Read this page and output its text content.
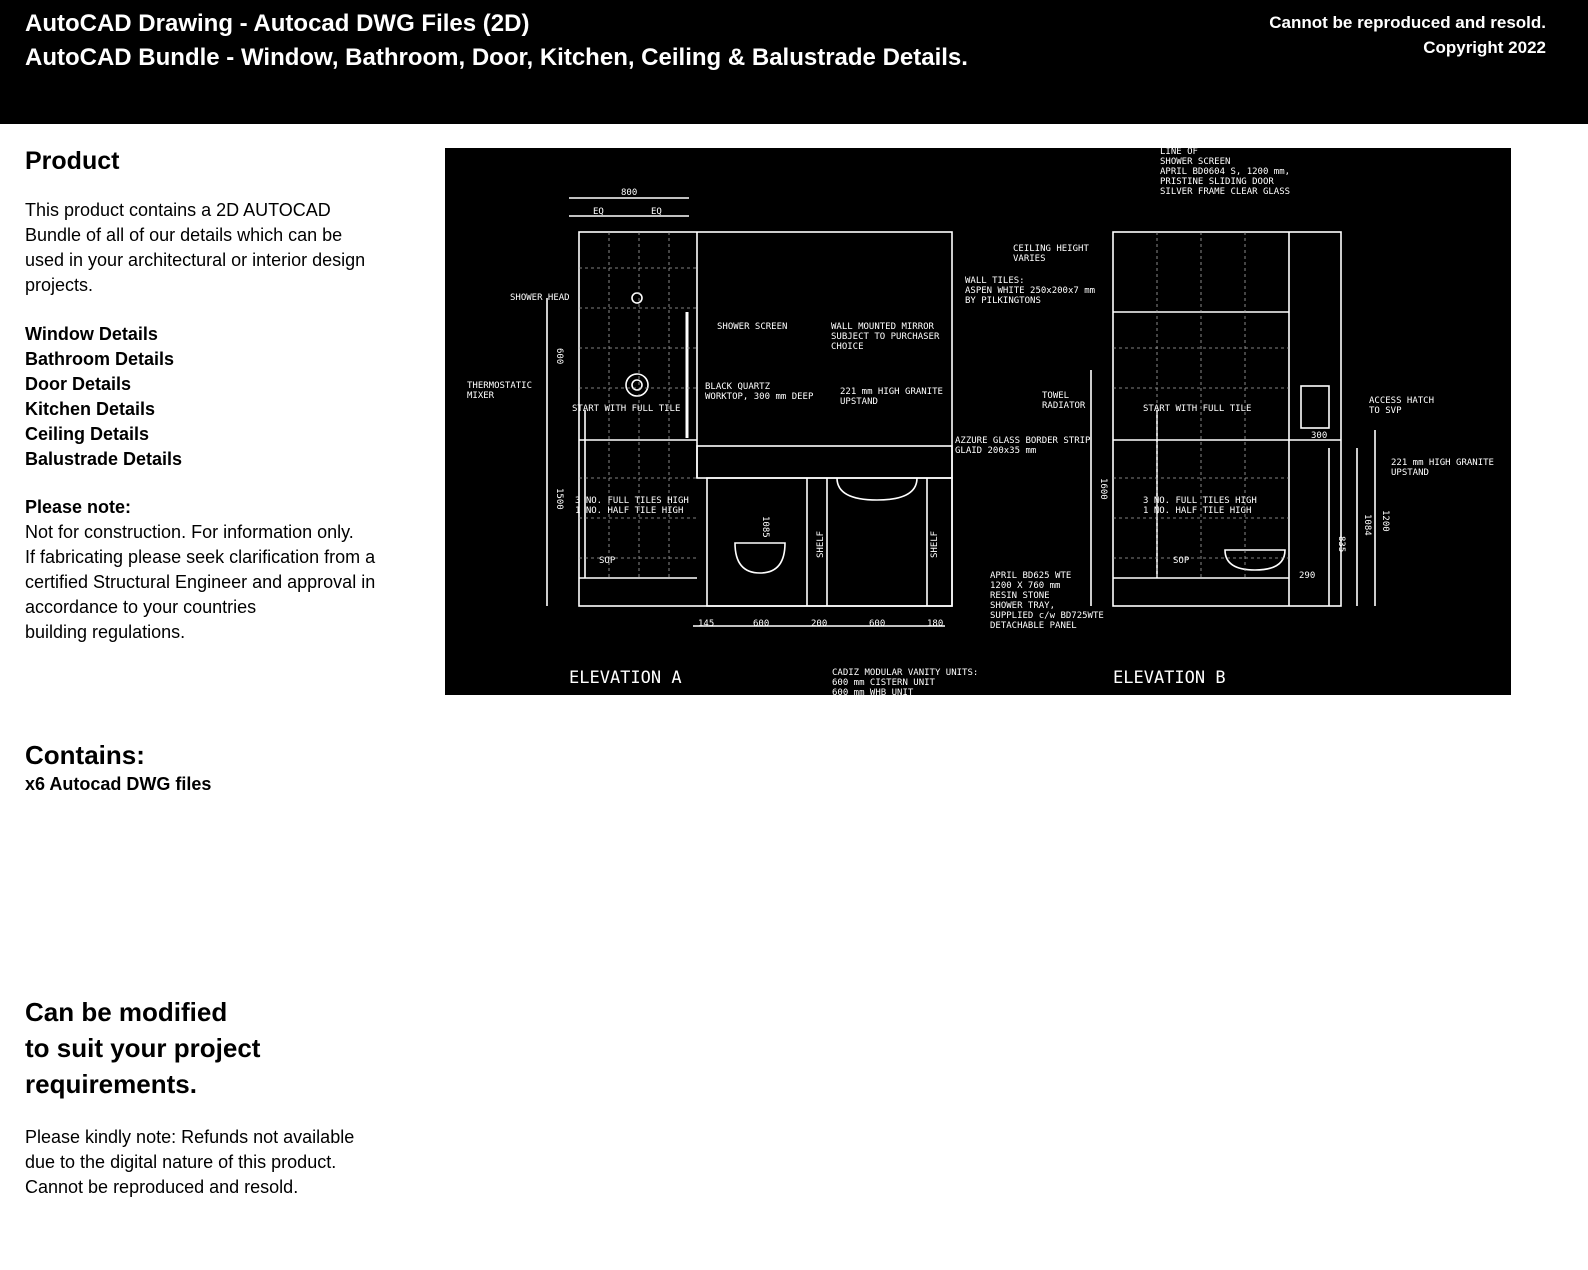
AutoCAD Drawing - Autocad DWG Files (2D)
AutoCAD Bundle - Window, Bathroom, Door, Kitchen, Ceiling & Balustrade Details.
Cannot be reproduced and resold.
Copyright 2022
Product
This product contains a 2D AUTOCAD
Bundle of all of our details which can be
used in your architectural or interior design
projects.
Window Details
Bathroom Details
Door Details
Kitchen Details
Ceiling Details
Balustrade Details
Please note:
Not for construction. For information only.
If fabricating please seek clarification from a
certified Structural Engineer and approval in
accordance to your countries
building regulations.
Contains:
x6 Autocad DWG files
Can be modified
to suit your project
requirements.
Please kindly note: Refunds not available
due to the digital nature of this product.
Cannot be reproduced and resold.
800
EQ	EQ
SHOWER HEAD
SHOWER SCREEN	WALL MOUNTED MIRROR
SUBJECT TO PURCHASER
CHOICE
THERMOSTATIC
MIXER
BLACK QUARTZ
WORKTOP, 300 mm DEEP	221 mm HIGH GRANITE
UPSTAND
START WITH FULL TILE
3 NO. FULL TILES HIGH
1 NO. HALF TILE HIGH
SOP
CADIZ MODULAR VANITY UNITS:
600 mm CISTERN UNIT
600 mm WHB UNIT
145	600	200	600	180
600
1500
1085
SHELF	SHELF
ELEVATION A
LINE OF
SHOWER SCREEN
APRIL BD0604 S, 1200 mm,
PRISTINE SLIDING DOOR
SILVER FRAME CLEAR GLASS
CEILING HEIGHT
VARIES
WALL TILES:
ASPEN WHITE 250x200x7 mm
BY PILKINGTONS
TOWEL
RADIATOR	START WITH FULL TILE
ACCESS HATCH
TO SVP
AZZURE GLASS BORDER STRIP
GLAID 200x35 mm
221 mm HIGH GRANITE
UPSTAND
3 NO. FULL TILES HIGH
1 NO. HALF TILE HIGH
SOP
APRIL BD625 WTE
1200 X 760 mm
RESIN STONE
SHOWER TRAY,
SUPPLIED c/w BD725WTE
DETACHABLE PANEL
300
290
1600
835
1084 1200
ELEVATION B
